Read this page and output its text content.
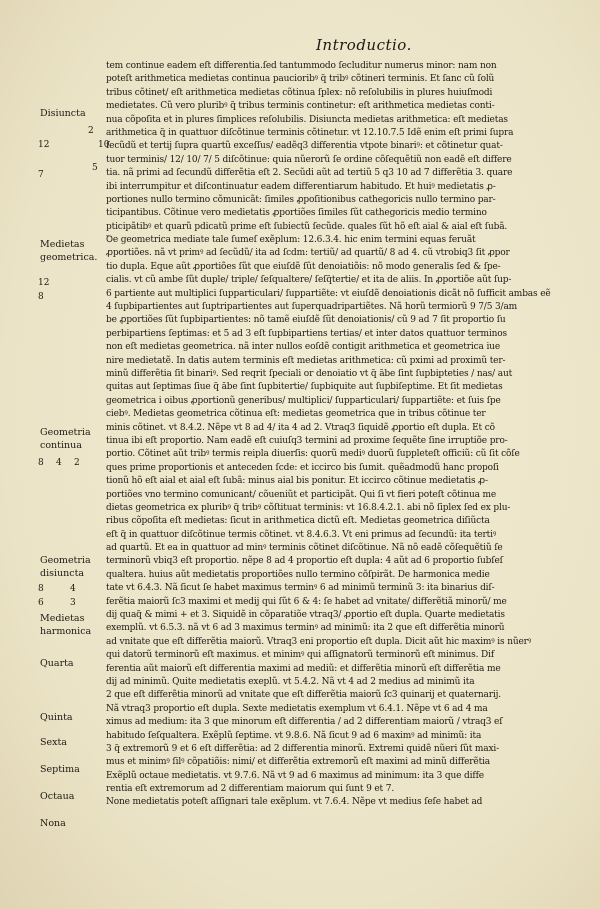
Introductio.
Disiuncta
2
12	10
7
5
Medietas geometrica.
12
8
Geometria continua
8 4 2
Geometria disiuncta
8	4
6	3
Medietas harmonica
Quarta
Quinta
Sexta
Septima
Octaua
Nona
tem continue eadem eſt differentia.ſed tantummodo ſecluditur numerus minor: nam non
poteſt arithmetica medietas continua paucioribꝰ q̃ tribꝰ cõtineri terminis. Et ſanc cũ ſolũ
tribus cõtinet/ eſt arithmetica medietas cõtinua ſplex: nõ reſolubilis in plures huiuſmodi
medietates. Cũ vero pluribꝰ q̃ tribus terminis continetur: eſt arithmetica medietas conti-
nua cõpoſita et in plures ſimplices reſolubilis. Disiuncta medietas arithmetica: eſt medietas
arithmetica q̃ in quattuor diſcõtinue terminis cõtinetur. vt 12.10.7.5 Idẽ enim eſt primi ſupra
ſecũdũ et tertij ſupra quartũ exceſſus/ eadẽq3 differentia vtpote binariꝰ: et cõtinetur quat-
tuor terminis/ 12/ 10/ 7/ 5 diſcõtinue: quia nũerorũ ſe ordine cõſequẽtiũ non eadẽ eſt differe
tia. nã primi ad ſecundũ differẽtia eſt 2. Secũdi aũt ad tertiũ 5 q3 10 ad 7 differẽtia 3. quare
ibi interrumpitur et diſcontinuatur eadem differentiarum habitudo. Et huiꝰ medietatis ꝓ-
portiones nullo termino cõmunicãt: ſimiles ꝓpoſitionibus cathegoricis nullo termino par-
ticipantibus. Cõtinue vero medietatis ꝓportiões ſimiles ſũt cathegoricis medio termino
pticipãtibꝰ et quarũ pdicatũ prime eſt ſubiectũ ſecũde. quales ſũt hõ eſt aial & aial eſt ſubã.
Ꝺe geometrica mediate tale ſumeſ exẽplum: 12.6.3.4. hic enim termini equas feruãt
ꝓportiões. nã vt primꝰ ad ſecũdũ/ ita ad ſcdm: tertiũ/ ad quartũ/ 8 ad 4. cũ vtrobiq3 ſit ꝓpor
tio dupla. Eque aũt ꝓportiões ſũt que eiuſdẽ ſũt denoiatiõis: nõ modo generalis ſed & ſpe-
cialis. vt cũ ambe ſũt duple/ triple/ ſeſqualtere/ ſeſq̃tertie/ et ita de aliis. In ꝓportiõe aũt ſup-
6 partiente aut multiplici ſupparticulari/ ſuppartiẽte: vt eiuſdẽ denoiationis dicãt nõ ſufficit ambas eẽ
4 ſupbipartientes aut ſuptripartientes aut ſuperquadripartiẽtes. Nã horũ termiorũ 9 7/5 3/am
be ꝓportiões ſũt ſupbipartientes: nõ tamẽ eiuſdẽ ſũt denoiationis/ cũ 9 ad 7 ſit proportio ſu
perbipartiens ſeptimas: et 5 ad 3 eſt ſupbipartiens tertias/ et inter datos quattuor terminos
non eſt medietas geometrica. nã inter nullos eoſdẽ contigit arithmetica et geometrica iue
nire medietatẽ. In datis autem terminis eſt medietas arithmetica: cũ pximi ad proximũ ter-
minũ differẽtia ſit binariꝰ. Sed reqrit ſpeciali or denoiatio vt q̃ ābe ſint ſupbipteties / nas/ aut
quitas aut ſeptimas ſiue q̃ ābe ſint ſupbitertie/ ſupbiquite aut ſupbiſeptime. Et ſit medietas
geometrica i oibus ꝓportionũ generibus/ multiplici/ ſupparticulari/ ſuppartiẽte: et ſuis ſpe
ciebꝰ. Medietas geometrica cõtinua eſt: medietas geometrica que in tribus cõtinue ter
minis cõtinet. vt 8.4.2. Nẽpe vt 8 ad 4/ ita 4 ad 2. Vtraq3 ſiquidẽ ꝓportio eſt dupla. Et cõ
tinua ibi eſt proportio. Nam eadẽ eſt cuiuſq3 termini ad proxime ſequẽte ſine irruptiõe pro-
portio. Cõtinet aũt tribꝰ termis reipla diuerſis: quorũ mediꝰ duorũ ſuppleteſt officiũ: cũ ſit cõſe
ques prime proportionis et anteceden ſcde: et iccirco bis ſumit. quẽadmodũ hanc propoſi
tionũ hõ eſt aial et aial eſt ſubã: minus aial bis ponitur. Et iccirco cõtinue medietatis ꝓ-
portiões vno termino comunicant/ cõueniũt et participãt. Qui ſi vt fieri poteſt cõtinua me
dietas geometrica ex pluribꝰ q̃ tribꝰ cõſtituat terminis: vt 16.8.4.2.1. abi nõ ſiplex ſed ex plu-
ribus cõpoſita eſt medietas: ſicut in arithmetica dictũ eſt. Medietas geometrica diſiũcta
eſt q̃ in quattuor diſcõtinue termis cõtinet. vt 8.4.6.3. Vt eni primus ad ſecundũ: ita tertiꝰ
ad quartũ. Et ea in quattuor ad minꝰ terminis cõtinet diſcõtinue. Nã nõ eadẽ cõſequẽtiũ ſe
terminorũ vbiq3 eſt proportio. nẽpe 8 ad 4 proportio eſt dupla: 4 aũt ad 6 proportio ſubſeſ
qualtera. huius aũt medietatis proportiões nullo termino cõſpirãt. De harmonica medie
tate vt 6.4.3. Nã ſicut ſe habet maximus terminꝰ 6 ad minimũ terminũ 3: ita binarius diſ-
ferẽtia maiorũ ſc3 maximi et medij qui ſũt 6 & 4: ſe habet ad vnitate/ differẽtiã minorũ/ me
dij quaq̃ & mimi + et 3. Siquidẽ in cõparatiõe vtraq3/ ꝓportio eſt dupla. Quarte medietatis
exemplũ. vt 6.5.3. nã vt 6 ad 3 maximus terminꝰ ad minimũ: ita 2 que eſt differẽtia minorũ
ad vnitate que eſt differẽtia maiorũ. Vtraq3 eni proportio eſt dupla. Dicit aũt hic maximꝰ is nũerꝰ
qui datorũ terminorũ eſt maximus. et minimꝰ qui aſſignatorũ terminorũ eſt minimus. Dif
ferentia aũt maiorũ eſt differentia maximi ad mediũ: et differẽtia minorũ eſt differẽtia me
dij ad minimũ. Quite medietatis exeplũ. vt 5.4.2. Nã vt 4 ad 2 medius ad minimũ ita
2 que eſt differẽtia minorũ ad vnitate que eſt differẽtia maiorũ ſc3 quinarij et quaternarij.
Nã vtraq3 proportio eſt dupla. Sexte medietatis exemplum vt 6.4.1. Nẽpe vt 6 ad 4 ma
ximus ad medium: ita 3 que minorum eſt differentia / ad 2 differentiam maiorũ / vtraq3 eſ
habitudo ſeſqualtera. Exẽplũ ſeptime. vt 9.8.6. Nã ſicut 9 ad 6 maximꝰ ad minimũ: ita
3 q̃ extremorũ 9 et 6 eſt differẽtia: ad 2 differentia minorũ. Extremi quidẽ nũeri ſũt maxi-
mus et minimꝰ ſilꝰ cõpatiõis: nimi/ et differẽtia extremorũ eſt maximi ad minũ differẽtia
Exẽplũ octaue medietatis. vt 9.7.6. Nã vt 9 ad 6 maximus ad minimum: ita 3 que diffe
rentia eſt extremorum ad 2 differentiam maiorum qui ſunt 9 et 7.
None medietatis poteſt aſſignari tale exẽplum. vt 7.6.4. Nẽpe vt medius ſeſe habet ad
